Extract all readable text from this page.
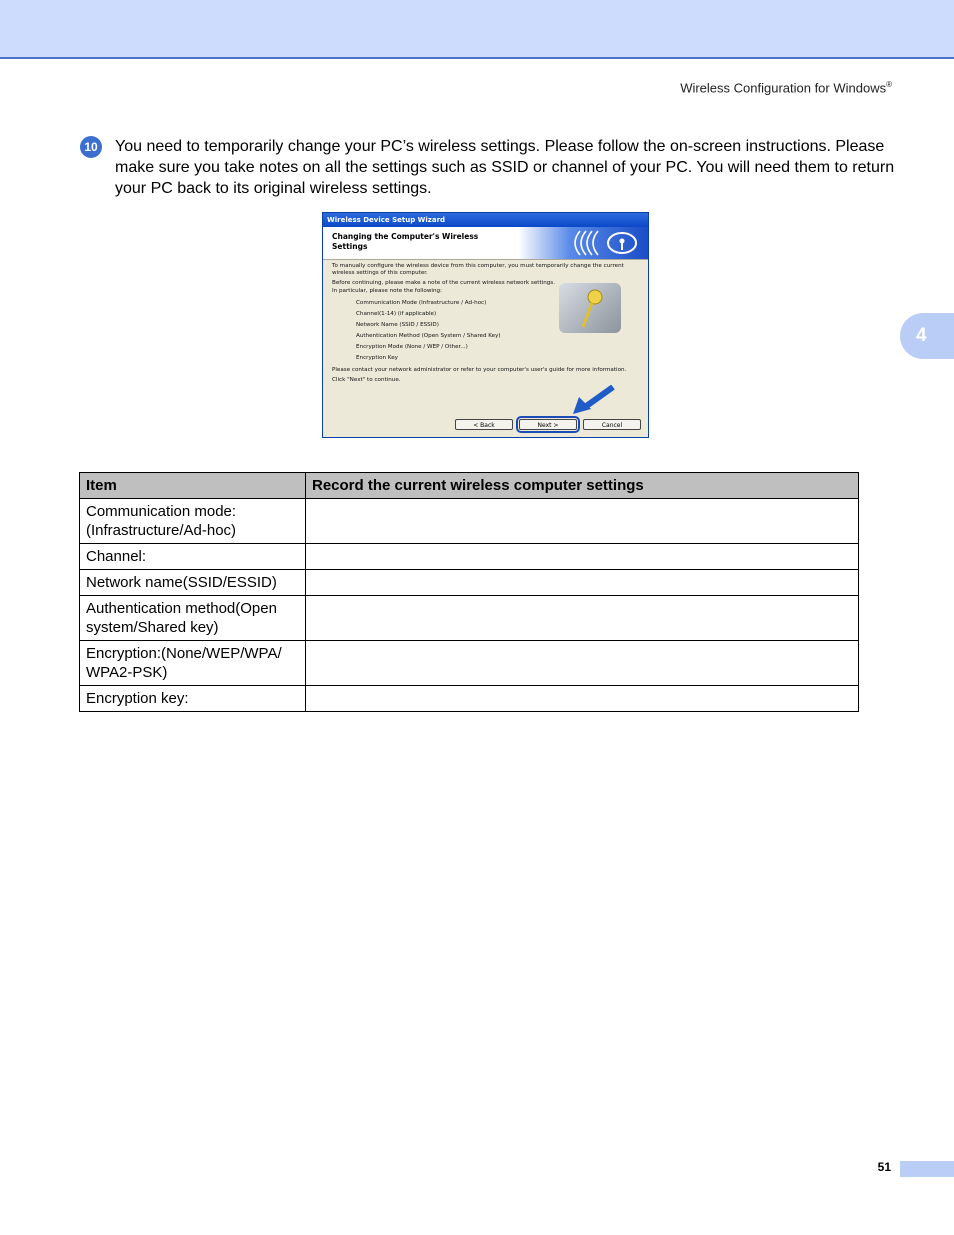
Wireless Configuration for Windows®
4
10 You need to temporarily change your PC’s wireless settings. Please follow the on-screen instructions. Please make sure you take notes on all the settings such as SSID or channel of your PC. You will need them to return your PC back to its original wireless settings.
Wireless Device Setup Wizard
Changing the Computer's Wireless
Settings

To manually configure the wireless device from this computer, you must temporarily change the current wireless settings of this computer.

Before continuing, please make a note of the current wireless network settings.
In particular, please note the following:

Communication Mode (Infrastructure / Ad-hoc)
Channel(1-14) (if applicable)
Network Name (SSID / ESSID)
Authentication Method (Open System / Shared Key)
Encryption Mode (None / WEP / Other...)
Encryption Key

Please contact your network administrator or refer to your computer's user's guide for more information.

Click "Next" to continue.

< Back	Next >	Cancel
Item	Record the current wireless computer settings
Communication mode:(Infrastructure/Ad-hoc)	
Channel:	
Network name(SSID/ESSID)	
Authentication method(Open system/Shared key)	
Encryption:(None/WEP/WPA/ WPA2-PSK)	
Encryption key:	
51
